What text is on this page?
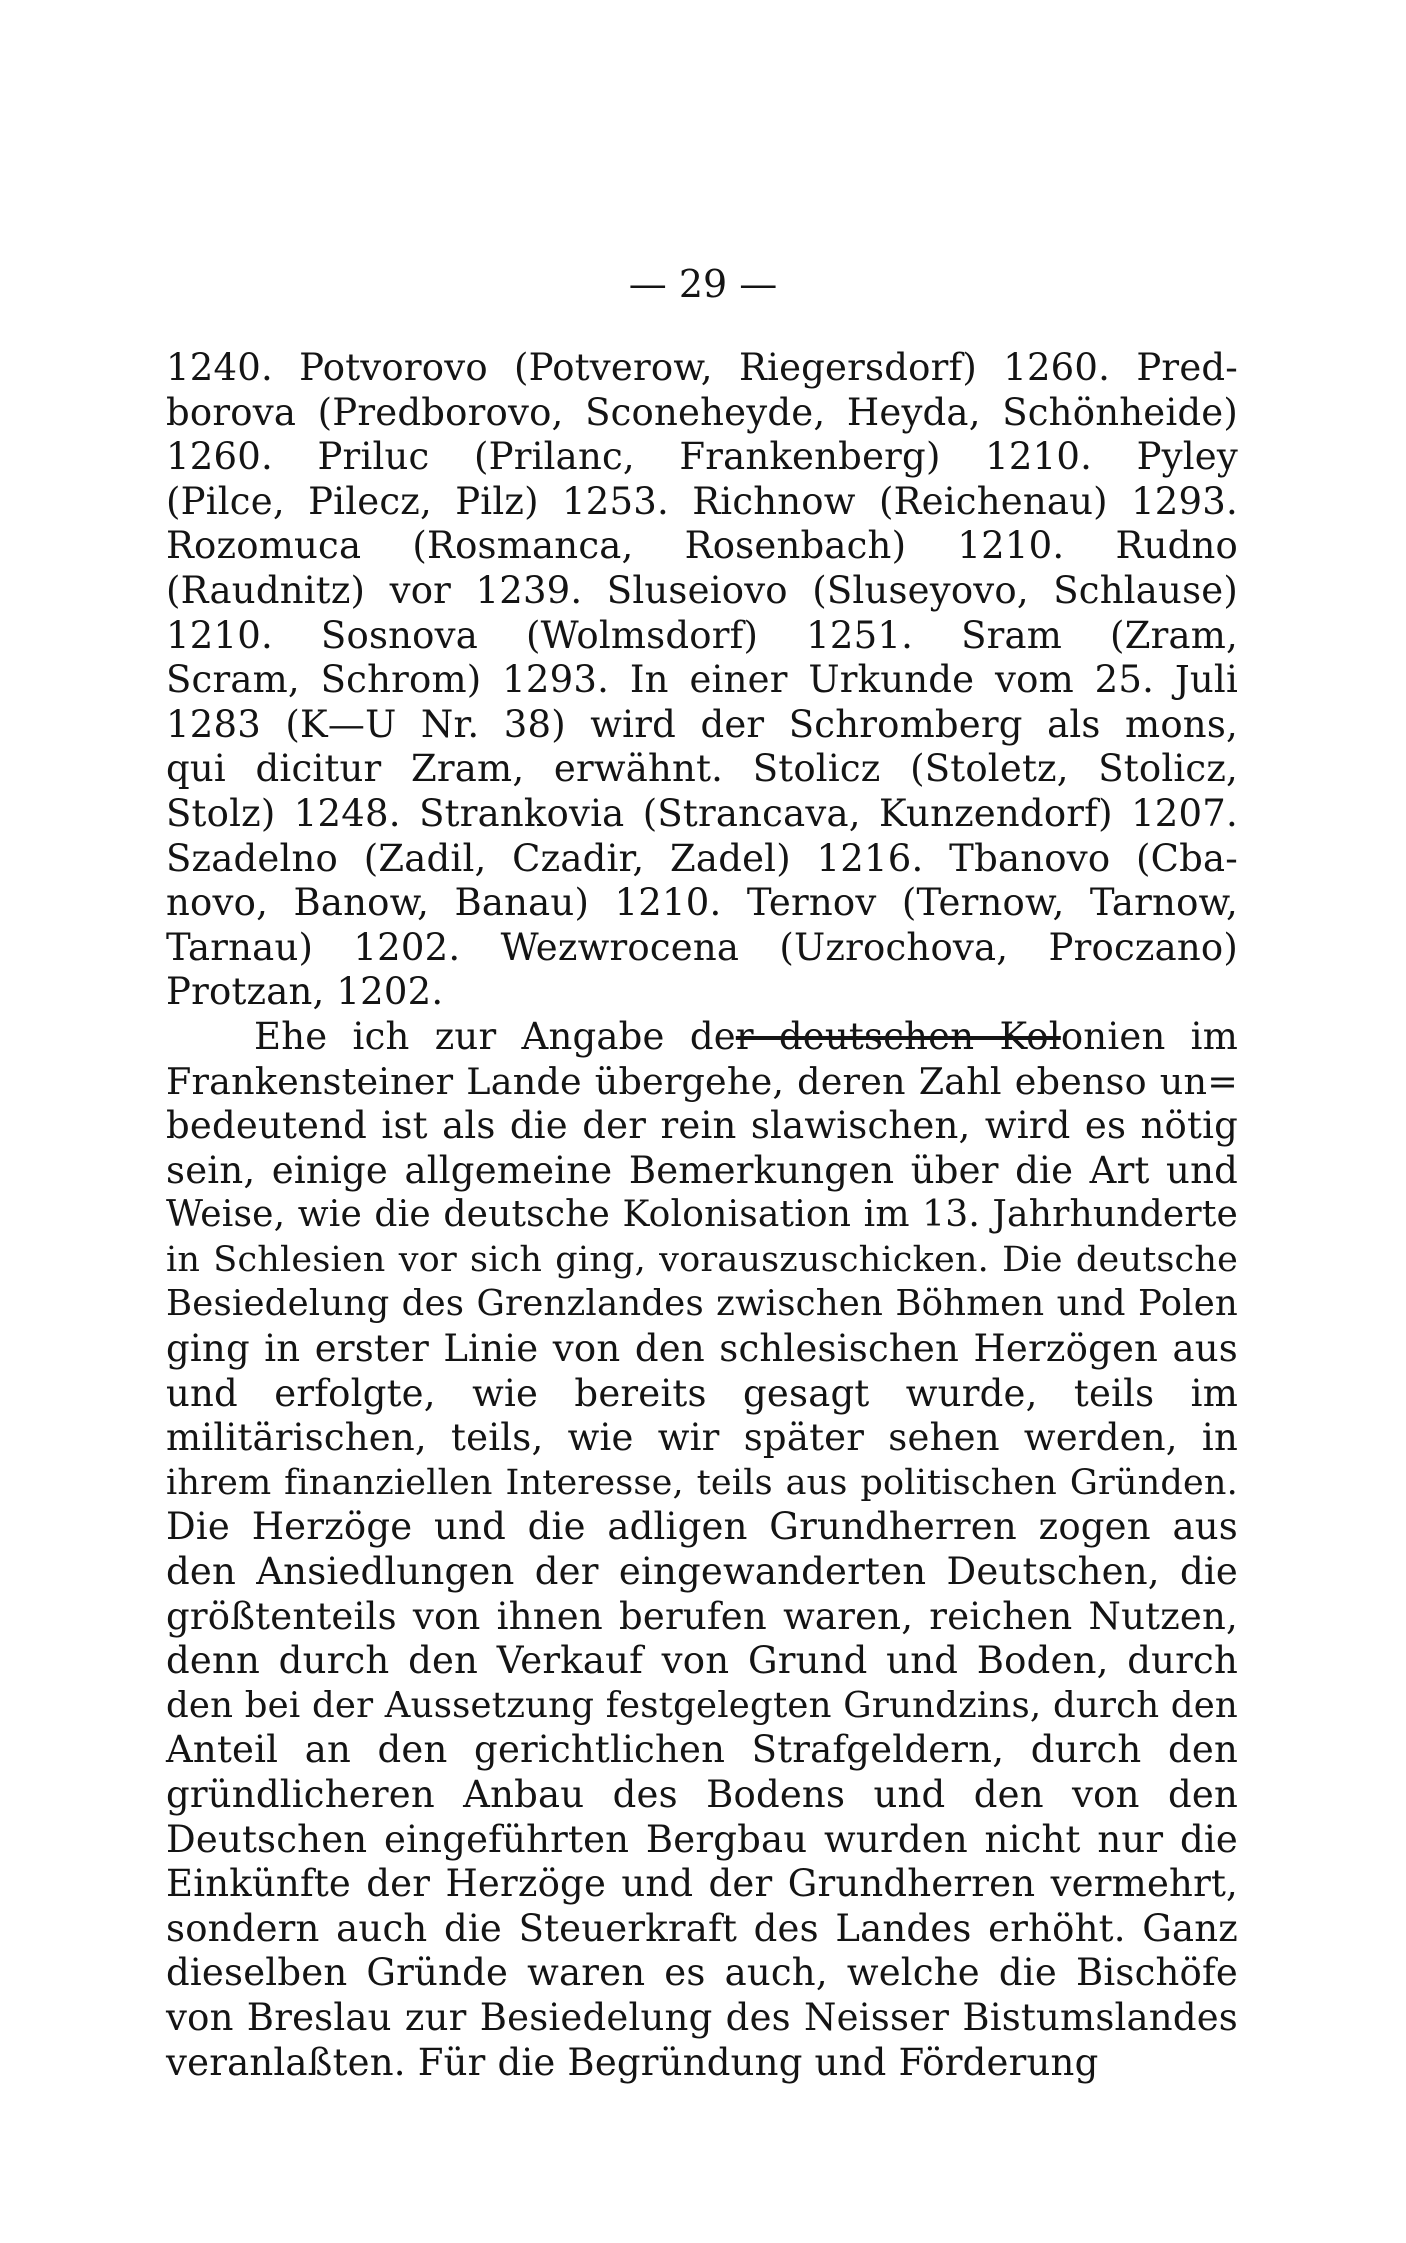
— 29 —
1240. Potvorovo (Potverow, Riegersdorf) 1260. Pred-
borova (Predborovo, Sconeheyde, Heyda, Schönheide)
1260. Priluc (Prilanc, Frankenberg) 1210. Pyley
(Pilce, Pilecz, Pilz) 1253. Richnow (Reichenau) 1293.
Rozomuca (Rosmanca, Rosenbach) 1210. Rudno
(Raudnitz) vor 1239. Sluseiovo (Sluseyovo, Schlause)
1210. Sosnova (Wolmsdorf) 1251. Sram (Zram,
Scram, Schrom) 1293. In einer Urkunde vom 25. Juli
1283 (K—U Nr. 38) wird der Schromberg als mons,
qui dicitur Zram, erwähnt. Stolicz (Stoletz, Stolicz,
Stolz) 1248. Strankovia (Strancava, Kunzendorf) 1207.
Szadelno (Zadil, Czadir, Zadel) 1216. Tbanovo (Cba-
novo, Banow, Banau) 1210. Ternov (Ternow, Tarnow,
Tarnau) 1202. Wezwrocena (Uzrochova, Proczano)
Protzan, 1202.
Ehe ich zur Angabe der deutschen Kolonien im
Frankensteiner Lande übergehe, deren Zahl ebenso un=
bedeutend ist als die der rein slawischen, wird es nötig
sein, einige allgemeine Bemerkungen über die Art und
Weise, wie die deutsche Kolonisation im 13. Jahrhunderte
in Schlesien vor sich ging, vorauszuschicken. Die deutsche
Besiedelung des Grenzlandes zwischen Böhmen und Polen
ging in erster Linie von den schlesischen Herzögen aus
und erfolgte, wie bereits gesagt wurde, teils im
militärischen, teils, wie wir später sehen werden, in
ihrem finanziellen Interesse, teils aus politischen Gründen.
Die Herzöge und die adligen Grundherren zogen aus
den Ansiedlungen der eingewanderten Deutschen, die
größtenteils von ihnen berufen waren, reichen Nutzen,
denn durch den Verkauf von Grund und Boden, durch
den bei der Aussetzung festgelegten Grundzins, durch den
Anteil an den gerichtlichen Strafgeldern, durch den
gründlicheren Anbau des Bodens und den von den
Deutschen eingeführten Bergbau wurden nicht nur die
Einkünfte der Herzöge und der Grundherren vermehrt,
sondern auch die Steuerkraft des Landes erhöht. Ganz
dieselben Gründe waren es auch, welche die Bischöfe
von Breslau zur Besiedelung des Neisser Bistumslandes
veranlaßten. Für die Begründung und Förderung
